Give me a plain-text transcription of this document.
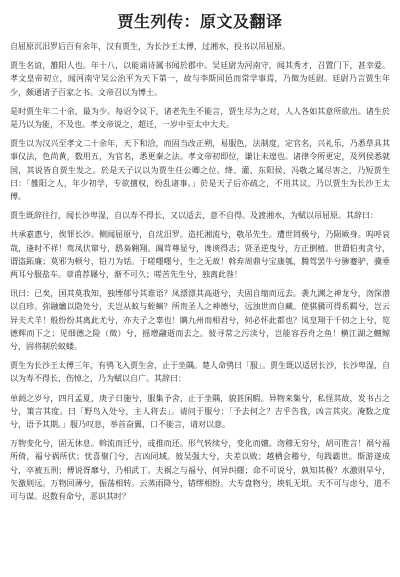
贾生列传：原文及翻译

自屈原沉汨罗后百有余年，汉有贾生，为长沙王太傅，过湘水，投书以吊屈原。

贾生名谊，雒阳人也。年十八，以能诵诗属书闻於郡中。吴廷尉为河南守，闻其秀才，召置门下，甚幸爱。孝文皇帝初立，闻河南守吴公治平为天下第一，故与李斯同邑而常学事焉，乃徵为廷尉。廷尉乃言贾生年少，颇通诸子百家之书。文帝召以为博士。

是时贾生年二十余，最为少。每诏令议下，诸老先生不能言，贾生尽为之对，人人各如其意所欲出。诸生於是乃以为能，不及也。孝文帝说之，超迁，一岁中至太中大夫。

贾生以为汉兴至孝文二十余年，天下和洽，而固当改正朔，易服色，法制度，定官名，兴礼乐，乃悉草具其事仪法，色尚黄，数用五，为官名，悉更秦之法。孝文帝初即位，谦让未遑也。诸律令所更定，及列侯悉就国，其说皆自贾生发之。於是天子议以为贾生任公卿之位。绛、灌、东阳侯、冯敬之属尽害之，乃短贾生曰：「雒阳之人，年少初学，专欲擅权，纷乱诸事。」於是天子后亦疏之，不用其议，乃以贾生为长沙王太傅。

贾生既辞往行，闻长沙卑湿，自以寿不得长，又以适去，意不自得。及渡湘水，为赋以吊屈原。其辞曰：

共承嘉惠兮，俟罪长沙。侧闻屈原兮，自沈汨罗。造托湘流兮，敬吊先生。遭世罔极兮，乃陨厥身。呜呼哀哉，逢时不祥！鸾凤伏窜兮，鸱枭翱翔。阘茸尊显兮，谗谀得志；贤圣逆曳兮，方正倒植。世谓伯夷贪兮，谓盗跖廉；莫邪为顿兮，铅刀为铦。于嗟嚜嚜兮，生之无故！斡弃周鼎兮宝康瓠，腾驾罢牛兮骖蹇驴，骥垂两耳兮服盐车。章甫荐屦兮，渐不可久；嗟苦先生兮，独离此咎！

讯曰：已矣，国其莫我知，独堙郁兮其谁语？凤漂漂其高逝兮，夫固自缩而远去。袭九渊之神龙兮，沕深潜以自珍。弥融爚以隐处兮，夫岂从蚁与蛭螾？所贵圣人之神德兮，远浊世而自藏。使骐骥可得系羁兮，岂云异夫犬羊！般纷纷其离此尤兮，亦夫子之辜也！瞝九州而相君兮，何必怀此都也？凤皇翔于千仞之上兮，览德辉而下之；见细德之险（徵）兮，摇增翮逝而去之。彼寻常之污渎兮，岂能容吞舟之鱼！横江湖之鳣鲸兮，固将制於蚁蝼。

贾生为长沙王太傅三年，有鸮飞入贾生舍，止于坐隅。楚人命鸮曰「服」。贾生既以适居长沙，长沙卑湿，自以为寿不得长，伤悼之，乃为赋以自广。其辞曰：

单阏之岁兮，四月孟夏，庚子日施兮，服集予舍，止于坐隅，貌甚闲暇。异物来集兮，私怪其故，发书占之兮，策言其度。曰「野鸟入处兮，主人将去」。请问于服兮：「予去何之？吉乎告我，凶言其灾。淹数之度兮，语予其期。」服乃叹息，举首奋翼，口不能言，请对以意。

万物变化兮，固无休息。斡流而迁兮，或推而还。形气转续兮，变化而嬗。沕穆无穷兮，胡可胜言！祸兮福所倚，福兮祸所伏；忧喜聚门兮，吉凶同域。彼吴强大兮，夫差以败；越栖会稽兮，句践霸世。斯游遂成兮，卒被五刑；傅说胥靡兮，乃相武丁。夫祸之与福兮，何异纠纆；命不可说兮，孰知其极？水激则旱兮，矢激则远。万物回薄兮，振荡相转。云蒸雨降兮，错缪相纷。大专盘物兮，坱轧无垠。天不可与虑兮，道不可与谋。迟数有命兮，恶识其时？
